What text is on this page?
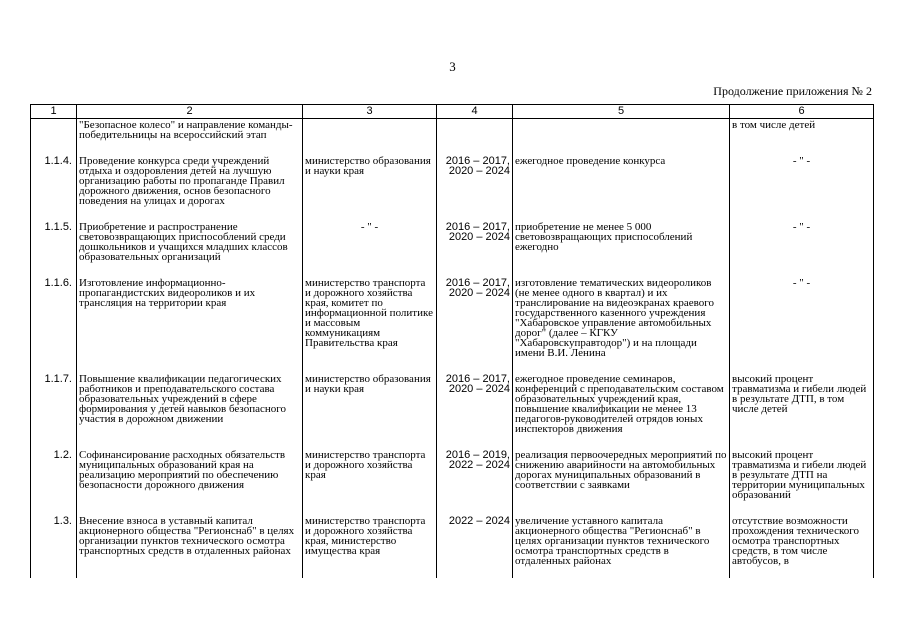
3
Продолжение приложения № 2
1	2	3	4	5	6
	"Безопасное колесо" и направление команды-победительницы на всероссийский этап				в том числе детей
1.1.4.	Проведение конкурса среди учреждений отдыха и оздоровления детей на лучшую организацию работы по пропаганде Правил дорожного движения, основ безопасного поведения на улицах и дорогах	министерство образования и науки края	2016 – 2017, 2020 – 2024	ежегодное проведение конкурса	- " -
1.1.5.	Приобретение и распространение световозвращающих приспособлений среди дошкольников и учащихся младших классов образовательных организаций	- " -	2016 – 2017, 2020 – 2024	приобретение не менее 5 000 световозвращающих приспособлений ежегодно	- " -
1.1.6.	Изготовление информационно-пропагандистских видеороликов и их трансляция на территории края	министерство транспорта и дорожного хозяйства края, комитет по информационной политике и массовым коммуникациям Правительства края	2016 – 2017, 2020 – 2024	изготовление тематических видеороликов (не менее одного в квартал) и их транслирование на видеоэкранах краевого государственного казенного учреждения "Хабаровское управление автомобильных дорог" (далее – КГКУ "Хабаровскуправтодор") и на площади имени В.И. Ленина	- " -
1.1.7.	Повышение квалификации педагогических работников и преподавательского состава образовательных учреждений в сфере формирования у детей навыков безопасного участия в дорожном движении	министерство образования и науки края	2016 – 2017, 2020 – 2024	ежегодное проведение семинаров, конференций с преподавательским составом образовательных учреждений края, повышение квалификации не менее 13 педагогов-руководителей отрядов юных инспекторов движения	высокий процент травматизма и гибели людей в результате ДТП, в том числе детей
1.2.	Софинансирование расходных обязательств муниципальных образований края на реализацию мероприятий по обеспечению безопасности дорожного движения	министерство транспорта и дорожного хозяйства края	2016 – 2019, 2022 – 2024	реализация первоочередных мероприятий по снижению аварийности на автомобильных дорогах муниципальных образований в соответствии с заявками	высокий процент травматизма и гибели людей в результате ДТП на территории муниципальных образований
1.3.	Внесение взноса в уставный капитал акционерного общества "Регионснаб" в целях организации пунктов технического осмотра транспортных средств в отдаленных районах	министерство транспорта и дорожного хозяйства края, министерство имущества края	2022 – 2024	увеличение уставного капитала акционерного общества "Регионснаб" в целях организации пунктов технического осмотра транспортных средств в отдаленных районах	отсутствие возможности прохождения технического осмотра транспортных средств, в том числе автобусов, в
